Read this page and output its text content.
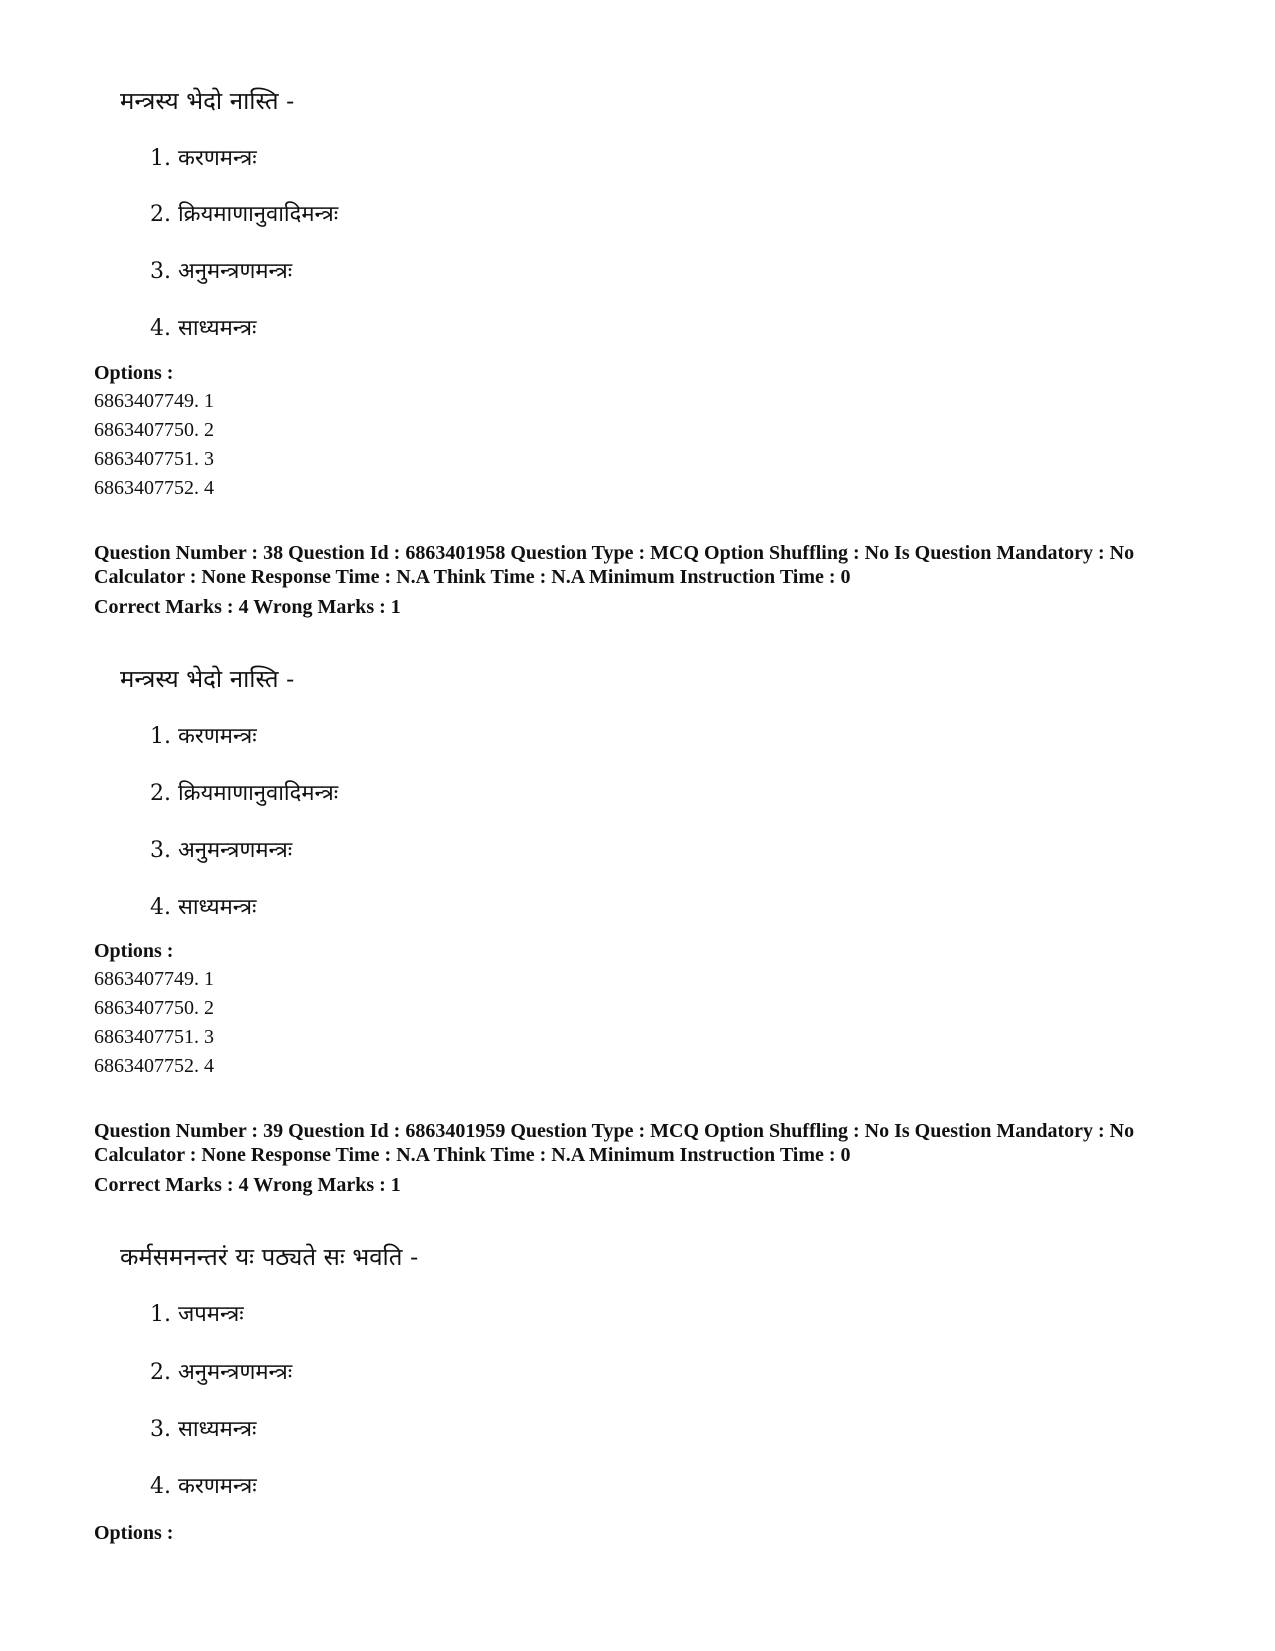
मन्त्रस्य भेदो नास्ति -
1. करणमन्त्रः
2. क्रियमाणानुवादिमन्त्रः
3. अनुमन्त्रणमन्त्रः
4. साध्यमन्त्रः
Options :
6863407749. 1
6863407750. 2
6863407751. 3
6863407752. 4
Question Number : 38 Question Id : 6863401958 Question Type : MCQ Option Shuffling : No Is Question Mandatory : No Calculator : None Response Time : N.A Think Time : N.A Minimum Instruction Time : 0
Correct Marks : 4 Wrong Marks : 1
मन्त्रस्य भेदो नास्ति -
1. करणमन्त्रः
2. क्रियमाणानुवादिमन्त्रः
3. अनुमन्त्रणमन्त्रः
4. साध्यमन्त्रः
Options :
6863407749. 1
6863407750. 2
6863407751. 3
6863407752. 4
Question Number : 39 Question Id : 6863401959 Question Type : MCQ Option Shuffling : No Is Question Mandatory : No Calculator : None Response Time : N.A Think Time : N.A Minimum Instruction Time : 0
Correct Marks : 4 Wrong Marks : 1
कर्मसमनन्तरं यः पठ्यते सः भवति -
1. जपमन्त्रः
2. अनुमन्त्रणमन्त्रः
3. साध्यमन्त्रः
4. करणमन्त्रः
Options :
